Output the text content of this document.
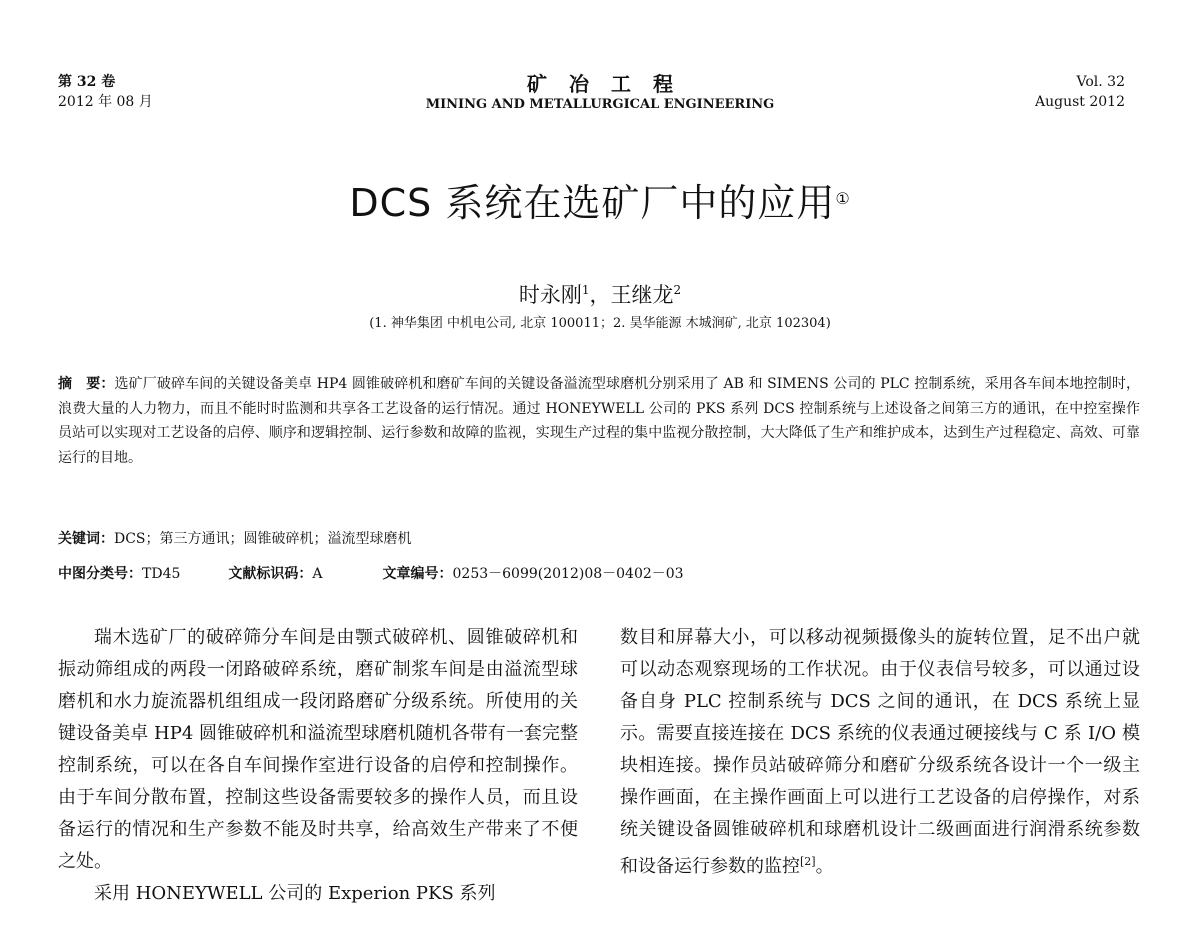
第 32 卷
2012 年 08 月
矿冶工程
MINING AND METALLURGICAL ENGINEERING
Vol. 32
August 2012
DCS 系统在选矿厂中的应用①
时永刚$^1$，王继龙$^2$
(1. 神华集团 中机电公司, 北京 100011；2. 昊华能源 木城涧矿, 北京 102304)
摘　要：选矿厂破碎车间的关键设备美卓 HP4 圆锥破碎机和磨矿车间的关键设备溢流型球磨机分别采用了 AB 和 SIMENS 公司的 PLC 控制系统，采用各车间本地控制时，浪费大量的人力物力，而且不能时时监测和共享各工艺设备的运行情况。通过 HONEYWELL 公司的 PKS 系列 DCS 控制系统与上述设备之间第三方的通讯，在中控室操作员站可以实现对工艺设备的启停、顺序和逻辑控制、运行参数和故障的监视，实现生产过程的集中监视分散控制，大大降低了生产和维护成本，达到生产过程稳定、高效、可靠运行的目地。
关键词：DCS；第三方通讯；圆锥破碎机；溢流型球磨机
中图分类号：TD45	文献标识码：A	文章编号：0253－6099(2012)08－0402－03

瑞木选矿厂的破碎筛分车间是由颚式破碎机、圆锥破碎机和振动筛组成的两段一闭路破碎系统，磨矿制浆车间是由溢流型球磨机和水力旋流器机组组成一段闭路磨矿分级系统。所使用的关键设备美卓 HP4 圆锥破碎机和溢流型球磨机随机各带有一套完整控制系统，可以在各自车间操作室进行设备的启停和控制操作。由于车间分散布置，控制这些设备需要较多的操作人员，而且设备运行的情况和生产参数不能及时共享，给高效生产带来了不便之处。

采用 HONEYWELL 公司的 Experion PKS 系列

数目和屏幕大小，可以移动视频摄像头的旋转位置，足不出户就可以动态观察现场的工作状况。由于仪表信号较多，可以通过设备自身 PLC 控制系统与 DCS 之间的通讯，在 DCS 系统上显示。需要直接连接在 DCS 系统的仪表通过硬接线与 C 系 I/O 模块相连接。操作员站破碎筛分和磨矿分级系统各设计一个一级主操作画面，在主操作画面上可以进行工艺设备的启停操作，对系统关键设备圆锥破碎机和球磨机设计二级画面进行润滑系统参数和设备运行参数的监控[2]。
